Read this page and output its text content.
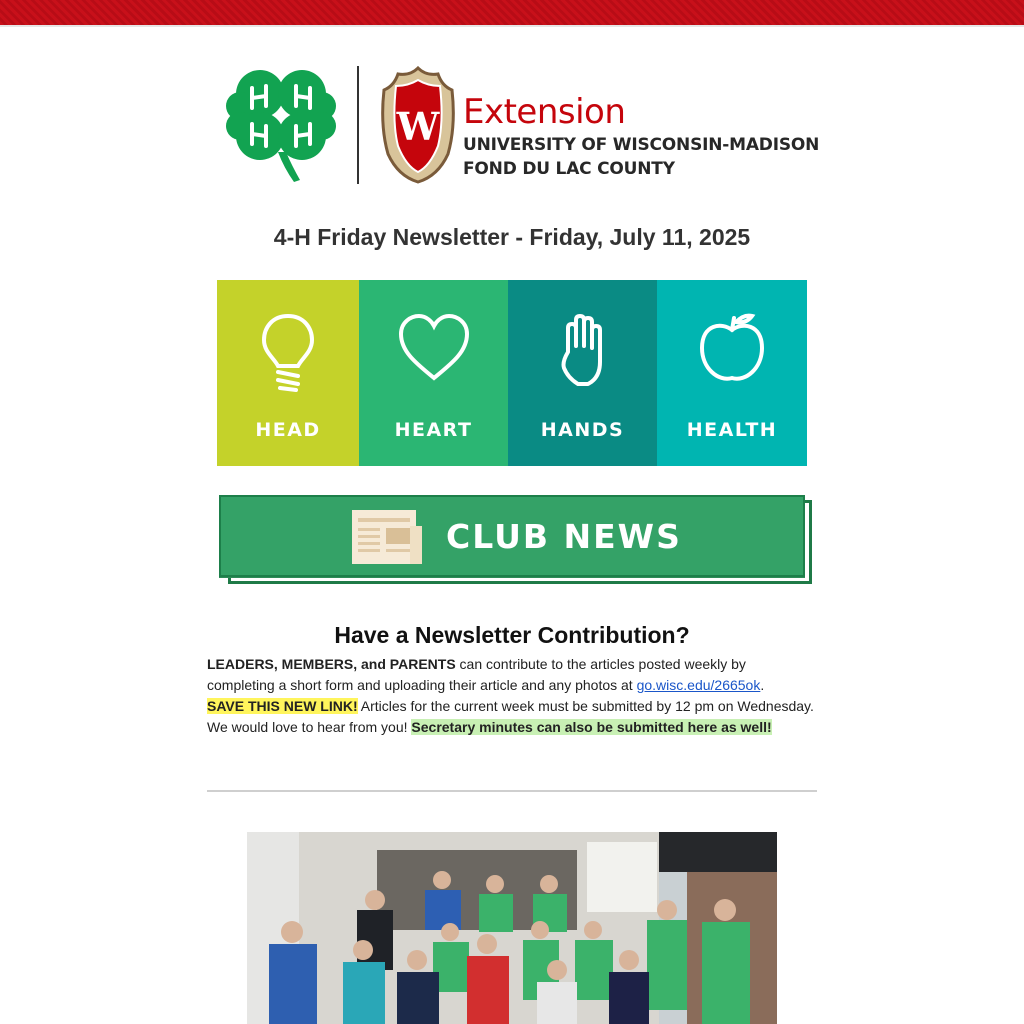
W Extension
UNIVERSITY OF WISCONSIN-MADISON
FOND DU LAC COUNTY
4-H Friday Newsletter - Friday, July 11, 2025
HEAD	HEART	HANDS	HEALTH
CLUB NEWS
Have a Newsletter Contribution?
LEADERS, MEMBERS, and PARENTS can contribute to the articles posted weekly by completing a short form and uploading their article and any photos at go.wisc.edu/2665ok.
SAVE THIS NEW LINK! Articles for the current week must be submitted by 12 pm on Wednesday. We would love to hear from you! Secretary minutes can also be submitted here as well!
